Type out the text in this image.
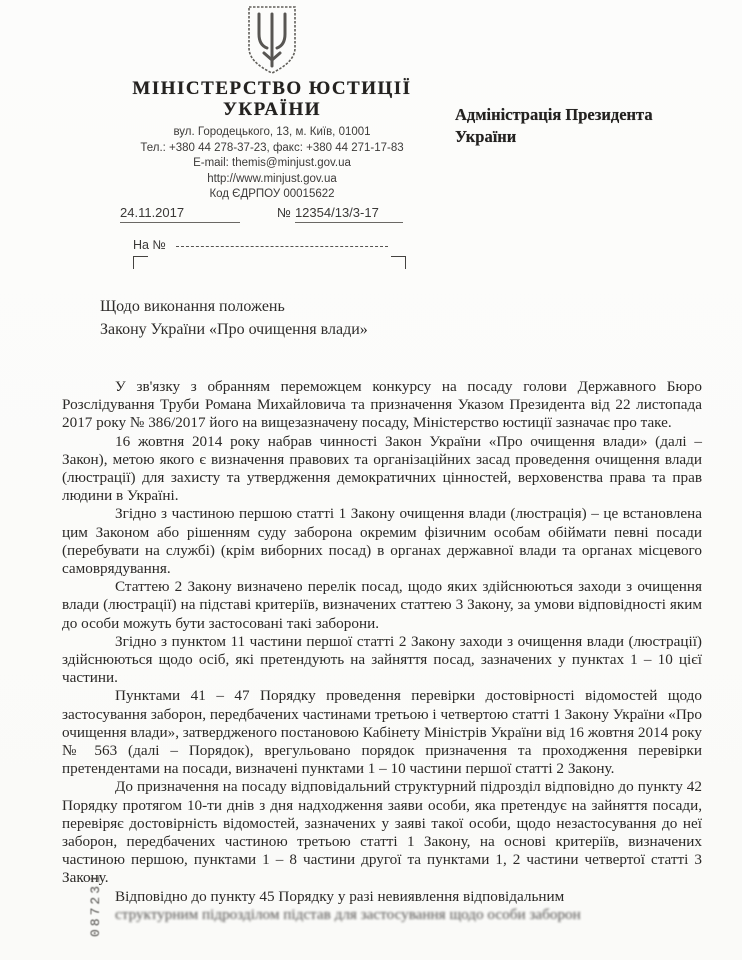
МІНІСТЕРСТВО ЮСТИЦІЇ
УКРАЇНИ
вул. Городецького, 13, м. Київ, 01001
Тел.: +380 44 278-37-23, факс: +380 44 271-17-83
E-mail: themis@minjust.gov.ua
http://www.minjust.gov.ua
Код ЄДРПОУ 00015622
24.11.2017	№ 12354/13/3-17
На №
Адміністрація Президента
України
Щодо виконання положень
Закону України «Про очищення влади»

У зв'язку з обранням переможцем конкурсу на посаду голови Державного Бюро Розслідування Труби Романа Михайловича та призначення Указом Президента від 22 листопада 2017 року № 386/2017 його на вищезазначену посаду, Міністерство юстиції зазначає про таке.

16 жовтня 2014 року набрав чинності Закон України «Про очищення влади» (далі – Закон), метою якого є визначення правових та організаційних засад проведення очищення влади (люстрації) для захисту та утвердження демократичних цінностей, верховенства права та прав людини в Україні.

Згідно з частиною першою статті 1 Закону очищення влади (люстрація) – це встановлена цим Законом або рішенням суду заборона окремим фізичним особам обіймати певні посади (перебувати на службі) (крім виборних посад) в органах державної влади та органах місцевого самоврядування.

Статтею 2 Закону визначено перелік посад, щодо яких здійснюються заходи з очищення влади (люстрації) на підставі критеріїв, визначених статтею 3 Закону, за умови відповідності яким до особи можуть бути застосовані такі заборони.

Згідно з пунктом 11 частини першої статті 2 Закону заходи з очищення влади (люстрації) здійснюються щодо осіб, які претендують на зайняття посад, зазначених у пунктах 1 – 10 цієї частини.

Пунктами 41 – 47 Порядку проведення перевірки достовірності відомостей щодо застосування заборон, передбачених частинами третьою і четвертою статті 1 Закону України «Про очищення влади», затвердженого постановою Кабінету Міністрів України від 16 жовтня 2014 року № 563 (далі – Порядок), врегульовано порядок призначення та проходження перевірки претендентами на посади, визначені пунктами 1 – 10 частини першої статті 2 Закону.

До призначення на посаду відповідальний структурний підрозділ відповідно до пункту 42 Порядку протягом 10-ти днів з дня надходження заяви особи, яка претендує на зайняття посади, перевіряє достовірність відомостей, зазначених у заяві такої особи, щодо незастосування до неї заборон, передбачених частиною третьою статті 1 Закону, на основі критеріїв, визначених частиною першою, пунктами 1 – 8 частини другої та пунктами 1, 2 частини четвертої статті 3 Закону.

Відповідно до пункту 45 Порядку у разі невиявлення відповідальним

структурним підрозділом підстав для застосування щодо особи заборон

087231
